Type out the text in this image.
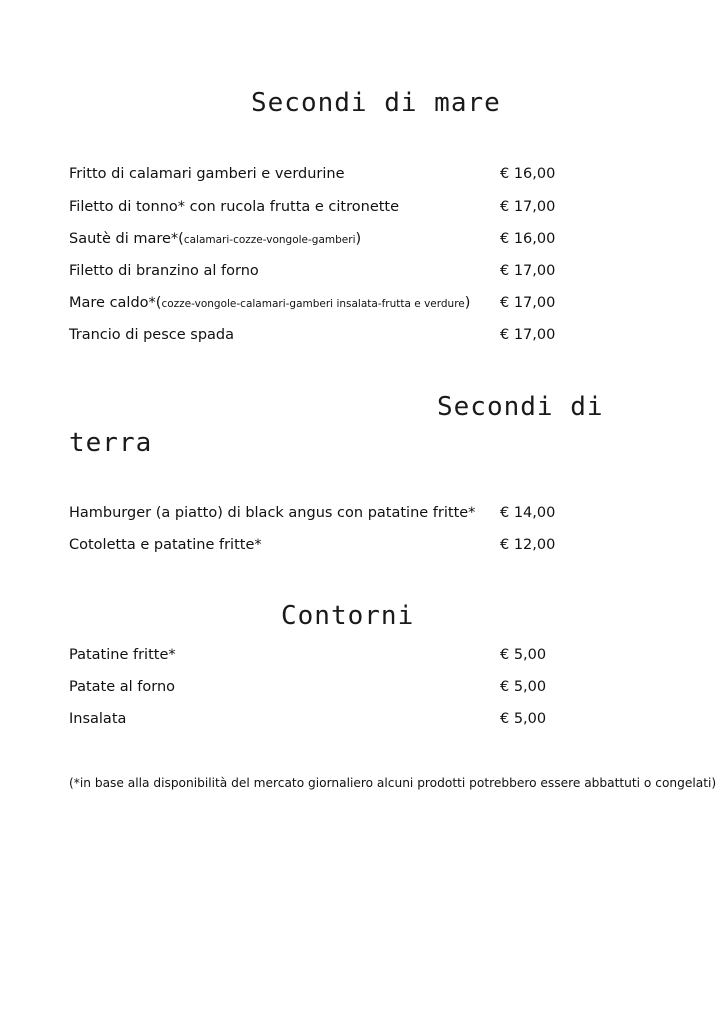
Secondi di mare
Fritto di calamari gamberi e verdurine	€ 16,00
Filetto di tonno* con rucola frutta e citronette	€ 17,00
Sautè di mare*(calamari-cozze-vongole-gamberi)	€ 16,00
Filetto di branzino al forno	€ 17,00
Mare caldo*(cozze-vongole-calamari-gamberi insalata-frutta e verdure) € 17,00
Trancio di pesce spada	€ 17,00
Secondi di
terra
Hamburger (a piatto) di black angus con patatine fritte* € 14,00
Cotoletta e patatine fritte*	€ 12,00
Contorni
Patatine fritte*	€ 5,00
Patate al forno	€ 5,00
Insalata	€ 5,00
(*in base alla disponibilità del mercato giornaliero alcuni prodotti potrebbero essere abbattuti o congelati)
